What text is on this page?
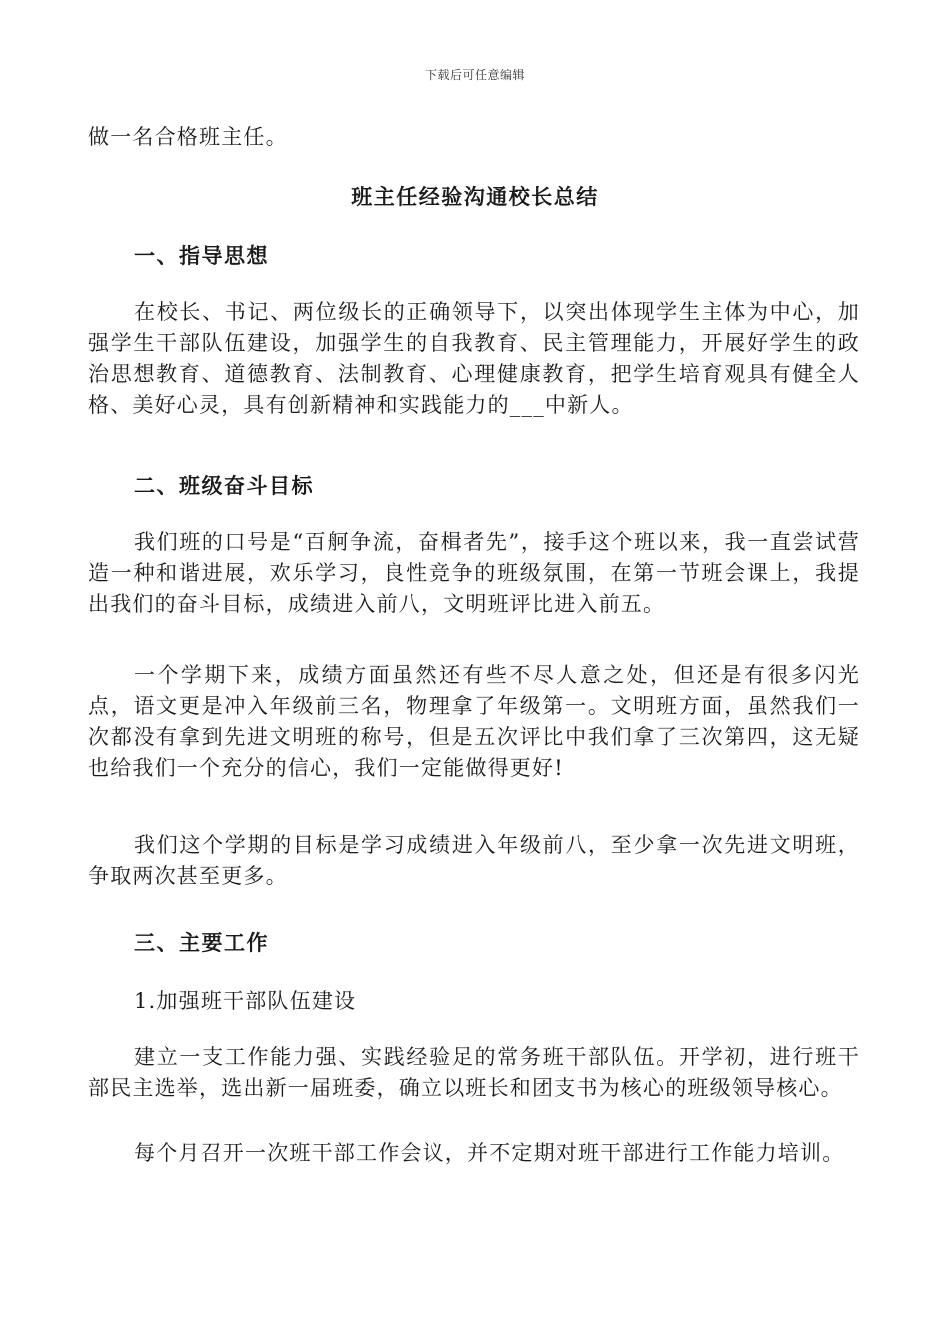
下载后可任意编辑

做一名合格班主任。

班主任经验沟通校长总结
一、指导思想

在校长、书记、两位级长的正确领导下，以突出体现学生主体为中心，加强学生干部队伍建设，加强学生的自我教育、民主管理能力，开展好学生的政治思想教育、道德教育、法制教育、心理健康教育，把学生培育观具有健全人格、美好心灵，具有创新精神和实践能力的___中新人。

二、班级奋斗目标

我们班的口号是“百舸争流，奋楫者先”，接手这个班以来，我一直尝试营造一种和谐进展，欢乐学习，良性竞争的班级氛围，在第一节班会课上，我提出我们的奋斗目标，成绩进入前八，文明班评比进入前五。

一个学期下来，成绩方面虽然还有些不尽人意之处，但还是有很多闪光点，语文更是冲入年级前三名，物理拿了年级第一。文明班方面，虽然我们一次都没有拿到先进文明班的称号，但是五次评比中我们拿了三次第四，这无疑也给我们一个充分的信心，我们一定能做得更好!

我们这个学期的目标是学习成绩进入年级前八，至少拿一次先进文明班，争取两次甚至更多。

三、主要工作

1.加强班干部队伍建设

建立一支工作能力强、实践经验足的常务班干部队伍。开学初，进行班干部民主选举，选出新一届班委，确立以班长和团支书为核心的班级领导核心。

每个月召开一次班干部工作会议，并不定期对班干部进行工作能力培训。
